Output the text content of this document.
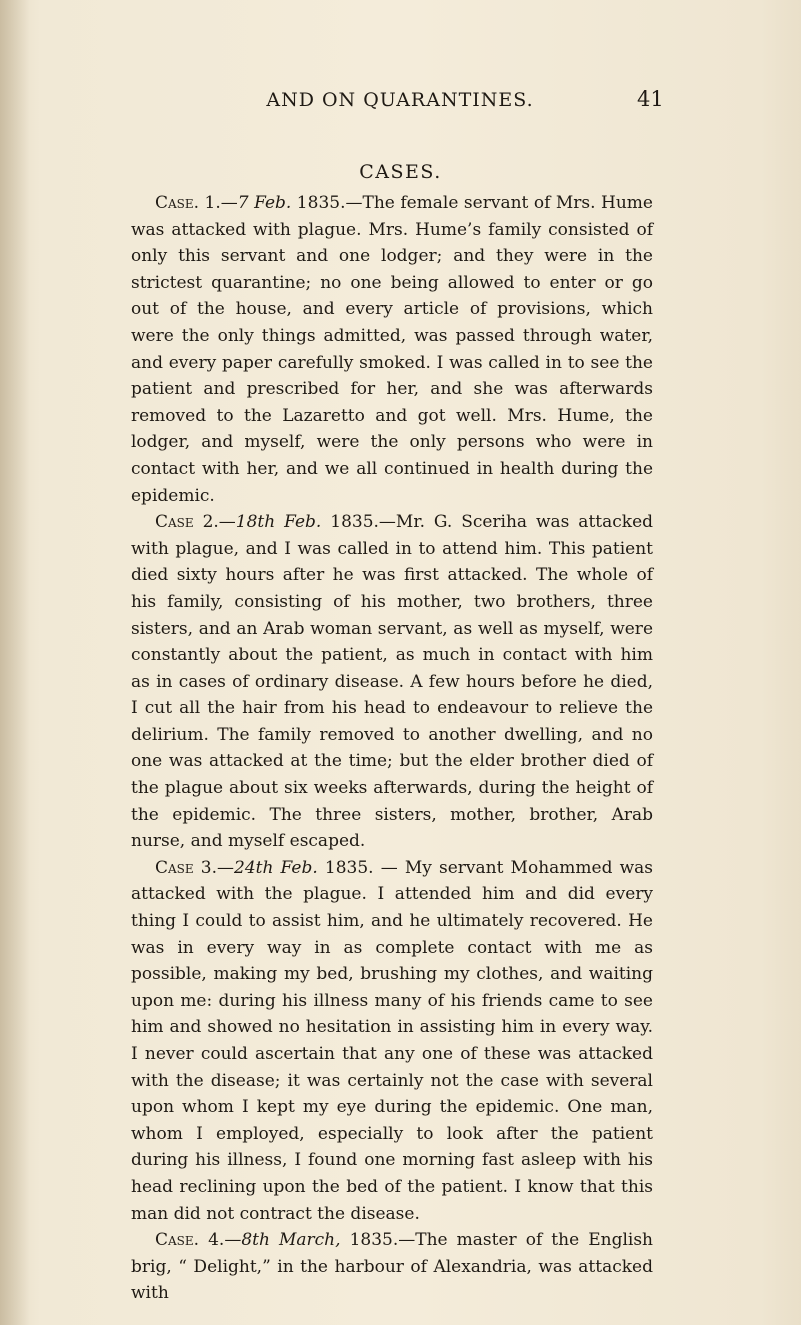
AND ON QUARANTINES.	41
CASES.

Case. 1.—7 Feb. 1835.—The female servant of Mrs. Hume was attacked with plague. Mrs. Hume’s family consisted of only this servant and one lodger; and they were in the strictest quarantine; no one being allowed to enter or go out of the house, and every article of provisions, which were the only things admitted, was passed through water, and every paper carefully smoked. I was called in to see the patient and prescribed for her, and she was afterwards removed to the Lazaretto and got well. Mrs. Hume, the lodger, and myself, were the only persons who were in contact with her, and we all continued in health during the epidemic.

Case 2.—18th Feb. 1835.—Mr. G. Sceriha was attacked with plague, and I was called in to attend him. This patient died sixty hours after he was first attacked. The whole of his family, consisting of his mother, two brothers, three sisters, and an Arab woman servant, as well as myself, were constantly about the patient, as much in contact with him as in cases of ordinary disease. A few hours before he died, I cut all the hair from his head to endeavour to relieve the delirium. The family removed to another dwelling, and no one was attacked at the time; but the elder brother died of the plague about six weeks afterwards, during the height of the epidemic. The three sisters, mother, brother, Arab nurse, and myself escaped.

Case 3.—24th Feb. 1835. — My servant Mohammed was attacked with the plague. I attended him and did every thing I could to assist him, and he ultimately recovered. He was in every way in as complete contact with me as possible, making my bed, brushing my clothes, and waiting upon me: during his illness many of his friends came to see him and showed no hesitation in assisting him in every way. I never could ascertain that any one of these was attacked with the disease; it was certainly not the case with several upon whom I kept my eye during the epidemic. One man, whom I employed, especially to look after the patient during his illness, I found one morning fast asleep with his head reclining upon the bed of the patient. I know that this man did not contract the disease.

Case. 4.—8th March, 1835.—The master of the English brig, “ Delight,” in the harbour of Alexandria, was attacked with
